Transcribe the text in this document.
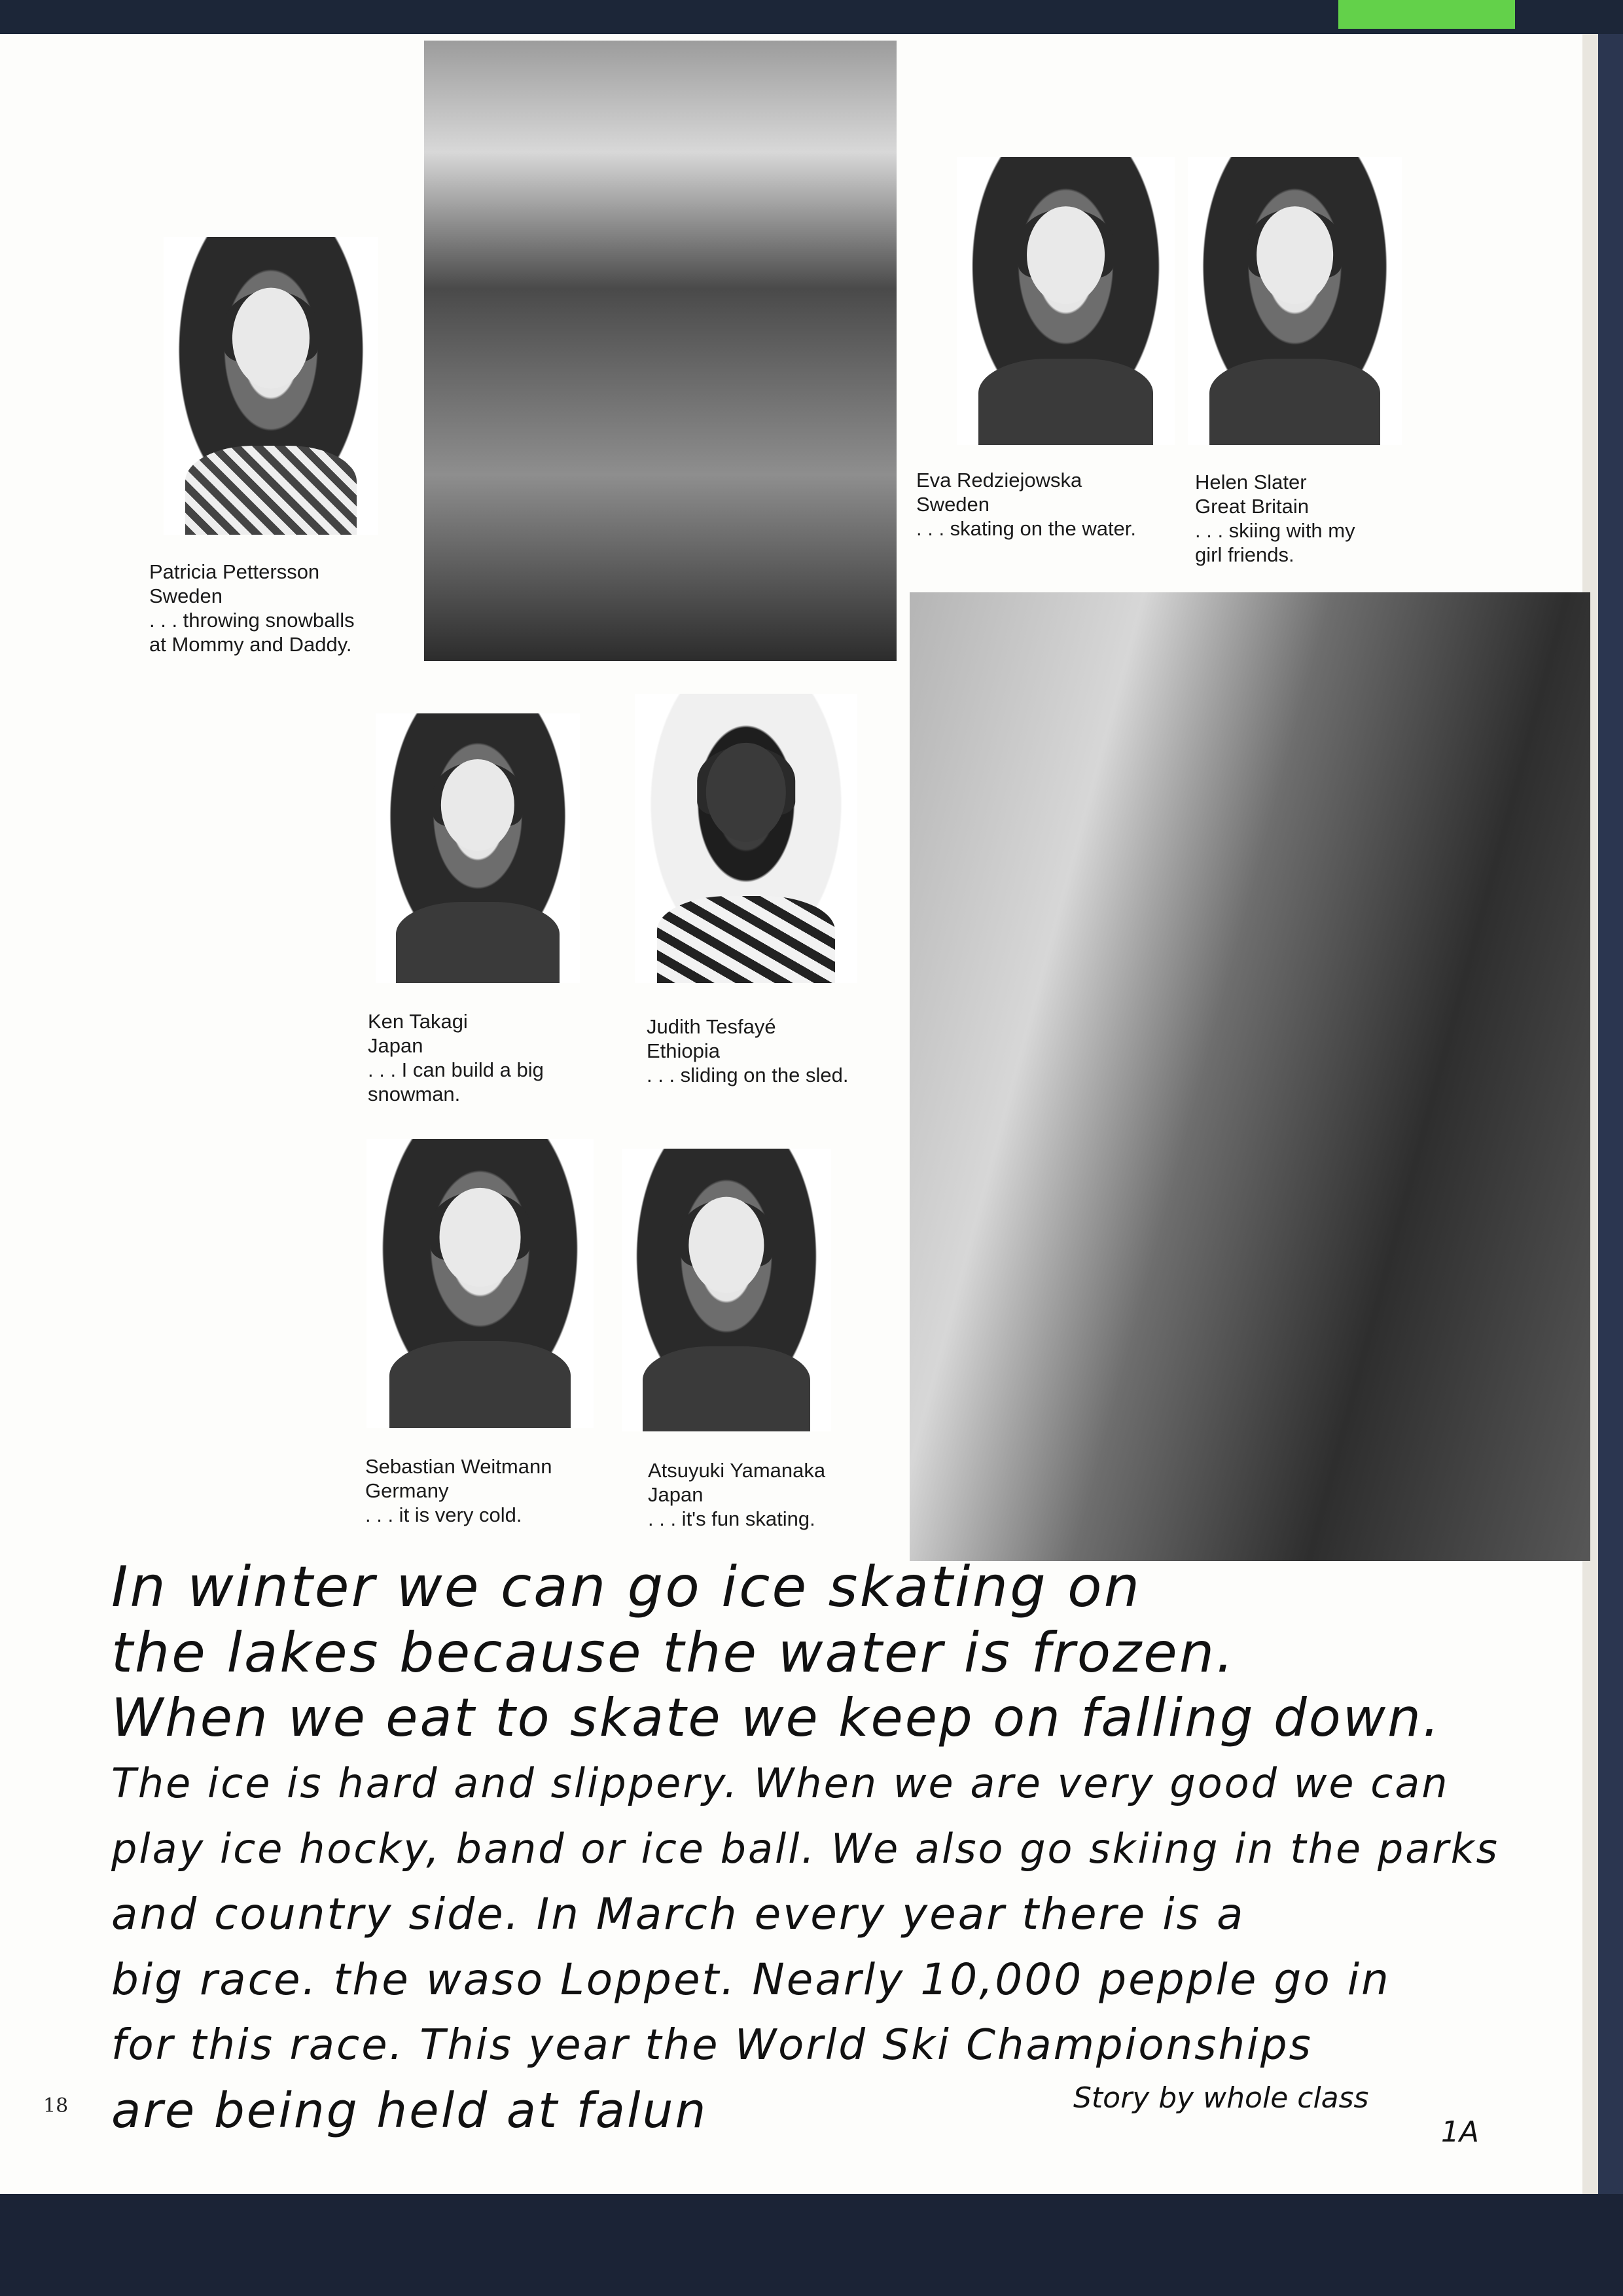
Patricia Pettersson
Sweden
. . . throwing snowballs
at Mommy and Daddy.
Eva Redziejowska
Sweden
. . . skating on the water.
Helen Slater
Great Britain
. . . skiing with my
girl friends.
Ken Takagi
Japan
. . . I can build a big
snowman.
Judith Tesfayé
Ethiopia
. . . sliding on the sled.
Sebastian Weitmann
Germany
. . . it is very cold.
Atsuyuki Yamanaka
Japan
. . . it's fun skating.
In winter we can go ice skating on
the lakes because the water is frozen.
When we eat to skate we keep on falling down.
The ice is hard and slippery. When we are very good we can
play ice hocky, band or ice ball. We also go skiing in the parks
and country side. In March every year there is a
big race. the waso Loppet. Nearly 10,000 pepple go in
for this race. This year the World Ski Championships
are being held at falun	Story by whole class
1A
18
